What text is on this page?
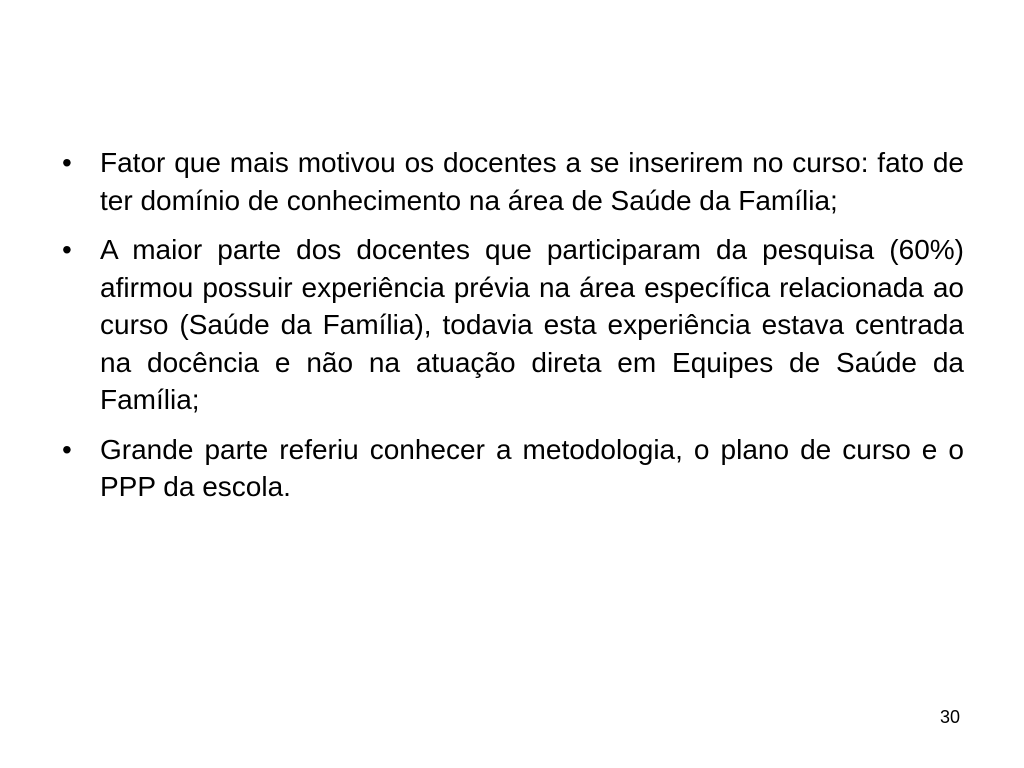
•	Fator que mais motivou os docentes a se inserirem no curso: fato de ter domínio de conhecimento na área de Saúde da Família;
•	A maior parte dos docentes que participaram da pesquisa (60%) afirmou possuir experiência prévia na área específica relacionada ao curso (Saúde da Família), todavia esta experiência estava centrada na docência e não na atuação direta em Equipes de Saúde da Família;
•	Grande parte referiu conhecer a metodologia, o plano de curso e o PPP da escola.
30
